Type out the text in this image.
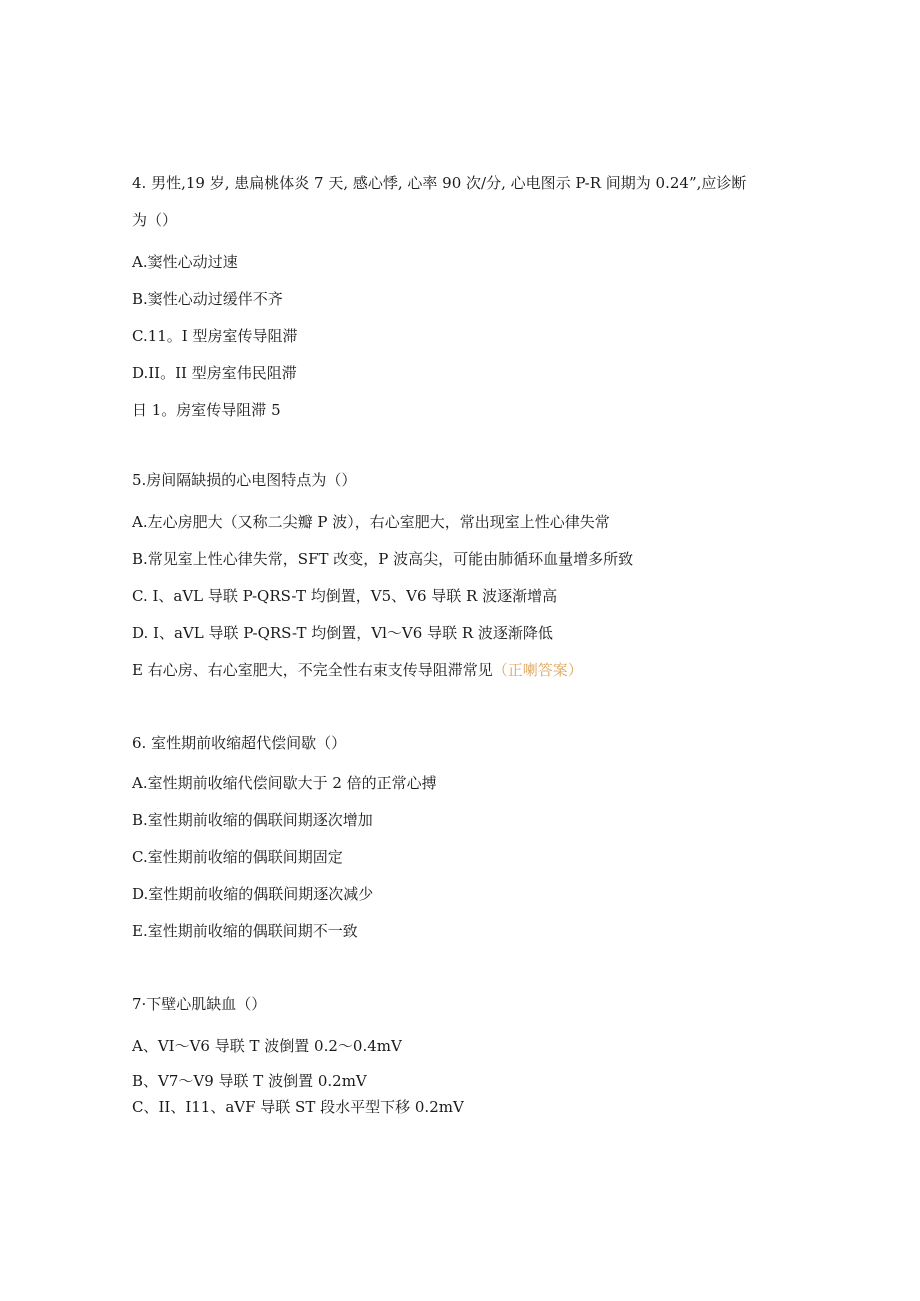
4. 男性,19 岁, 患扁桃体炎 7 天, 感心悸, 心率 90 次/分, 心电图示 P-R 间期为 0.24”,应诊断
为（）
A.窦性心动过速
B.窦性心动过缓伴不齐
C.11。I 型房室传导阻滞
D.II。II 型房室伟民阻滞
日 1。房室传导阻滞 5
5.房间隔缺损的心电图特点为（）
A.左心房肥大（又称二尖瓣 P 波），右心室肥大，常出现室上性心律失常
B.常见室上性心律失常，SFT 改变，P 波高尖，可能由肺循环血量增多所致
C. I、aVL 导联 P-QRS-T 均倒置，V5、V6 导联 R 波逐渐增高
D. I、aVL 导联 P-QRS-T 均倒置，Vl～V6 导联 R 波逐渐降低
E 右心房、右心室肥大，不完全性右束支传导阻滞常见（正喇答案）
6. 室性期前收缩超代偿间歇（）
A.室性期前收缩代偿间歇大于 2 倍的正常心搏
B.室性期前收缩的偶联间期逐次增加
C.室性期前收缩的偶联间期固定
D.室性期前收缩的偶联间期逐次减少
E.室性期前收缩的偶联间期不一致
7·下壁心肌缺血（）
A、VI～V6 导联 T 波倒置 0.2～0.4mV
B、V7～V9 导联 T 波倒置 0.2mV
C、II、I11、aVF 导联 ST 段水平型下移 0.2mV
